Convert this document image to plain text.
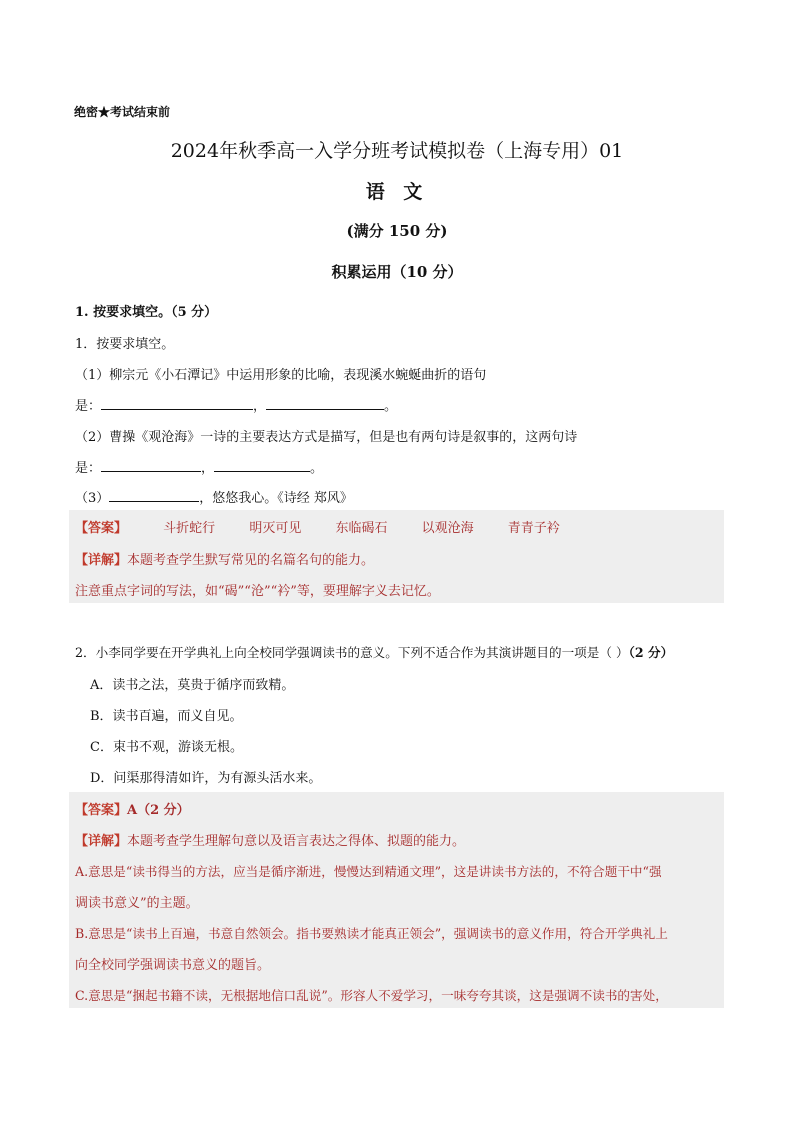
绝密★考试结束前
2024年秋季高一入学分班考试模拟卷（上海专用）01
语 文
(满分 150 分)
积累运用（10 分）
1. 按要求填空。（5 分）
1．按要求填空。
（1）柳宗元《小石潭记》中运用形象的比喻，表现溪水蜿蜒曲折的语句
是：	，	。
（2）曹操《观沧海》一诗的主要表达方式是描写，但是也有两句诗是叙事的，这两句诗
是：	，	。
（3）	，悠悠我心。《诗经 郑风》
【答案】	斗折蛇行	明灭可见	东临碣石	以观沧海	青青子衿
【详解】本题考查学生默写常见的名篇名句的能力。
注意重点字词的写法，如“碣”“沧”“衿”等，要理解字义去记忆。
2．小李同学要在开学典礼上向全校同学强调读书的意义。下列不适合作为其演讲题目的一项是（ ）（2 分）
A．读书之法，莫贵于循序而致精。
B．读书百遍，而义自见。
C．束书不观，游谈无根。
D．问渠那得清如许，为有源头活水来。
【答案】A（2 分）
【详解】本题考查学生理解句意以及语言表达之得体、拟题的能力。
A.意思是“读书得当的方法，应当是循序渐进，慢慢达到精通文理”，这是讲读书方法的，不符合题干中“强
调读书意义”的主题。
B.意思是“读书上百遍，书意自然领会。指书要熟读才能真正领会”，强调读书的意义作用，符合开学典礼上
向全校同学强调读书意义的题旨。
C.意思是“捆起书籍不读，无根据地信口乱说”。形容人不爱学习，一味夸夸其谈，这是强调不读书的害处，
